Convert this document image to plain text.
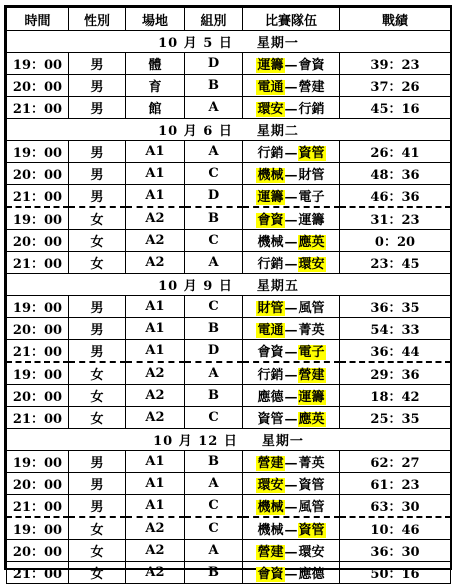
時間	性別	場地	組別	比賽隊伍	戰績
10 月 5 日 星期一					
19：00	男	體	D	運籌—會資	39：23
20：00	男	育	B	電通—營建	37：26
21：00	男	館	A	環安—行銷	45：16
10 月 6 日 星期二					
19：00	男	A1	A	行銷—資管	26：41
20：00	男	A1	C	機械—財管	48：36
21：00	男	A1	D	運籌—電子	46：36
19：00	女	A2	B	會資—運籌	31：23
20：00	女	A2	C	機械—應英	0：20
21：00	女	A2	A	行銷—環安	23：45
10 月 9 日 星期五					
19：00	男	A1	C	財管—風管	36：35
20：00	男	A1	B	電通—菁英	54：33
21：00	男	A1	D	會資—電子	36：44
19：00	女	A2	A	行銷—營建	29：36
20：00	女	A2	B	應德—運籌	18：42
21：00	女	A2	C	資管—應英	25：35
10 月 12 日 星期一					
19：00	男	A1	B	營建—菁英	62：27
20：00	男	A1	A	環安—資管	61：23
21：00	男	A1	C	機械—風管	63：30
19：00	女	A2	C	機械—資管	10：46
20：00	女	A2	A	營建—環安	36：30
21：00	女	A2	B	會資—應德	50：16
